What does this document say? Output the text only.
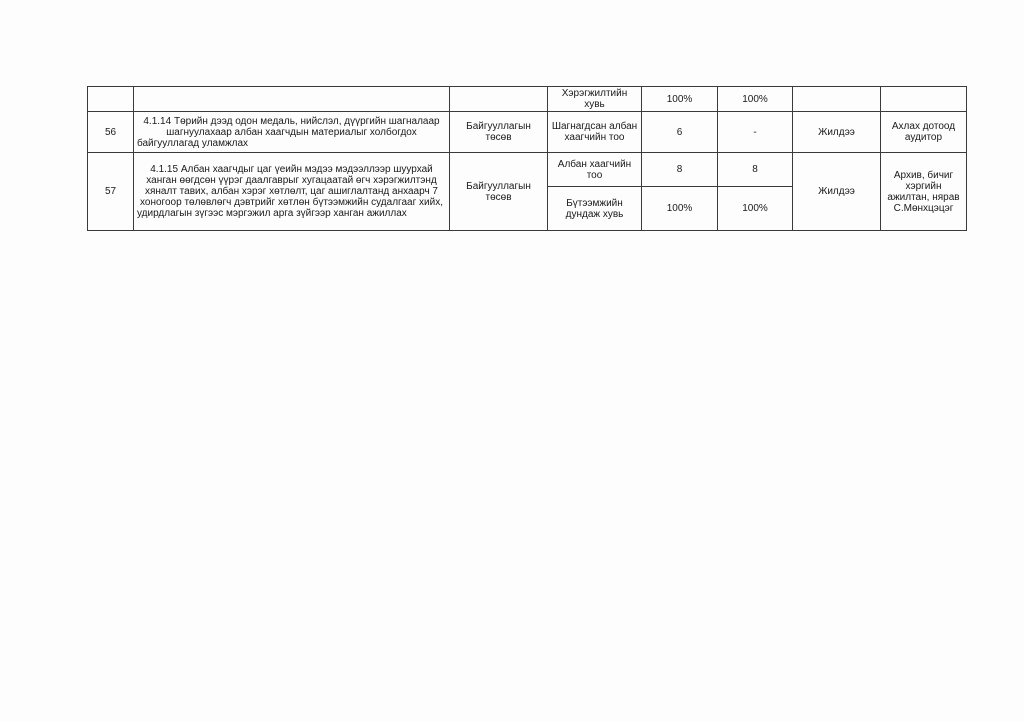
			Хэрэгжилтийн хувь	100%	100%		
56	4.1.14 Төрийн дээд одон медаль, нийслэл, дүүргийн шагналаар шагнуулахаар албан хаагчдын материалыг холбогдох байгууллагад уламжлах	Байгууллагын төсөв	Шагнагдсан албан хаагчийн тоо	6	-	Жилдээ	Ахлах дотоод аудитор
57	4.1.15 Албан хаагчдыг цаг үеийн мэдээ мэдээллээр шуурхай ханган өөгдсөн үүрэг даалгаврыг хугацаатай өгч хэрэгжилтэнд хяналт тавих, албан хэрэг хөтлөлт, цаг ашиглалтанд анхаарч 7 хоногоор төлөвлөгч дэвтрийг хөтлөн бүтээмжийн судалгааг хийх, удирдлагын зүгээс мэргэжил арга зүйгээр ханган ажиллах	Байгууллагын төсөв	Албан хаагчийн тоо	8	8	Жилдээ	Архив, бичиг хэргийн ажилтан, нярав С.Мөнхцэцэг
			Бүтээмжийн дундаж хувь	100%	100%		
